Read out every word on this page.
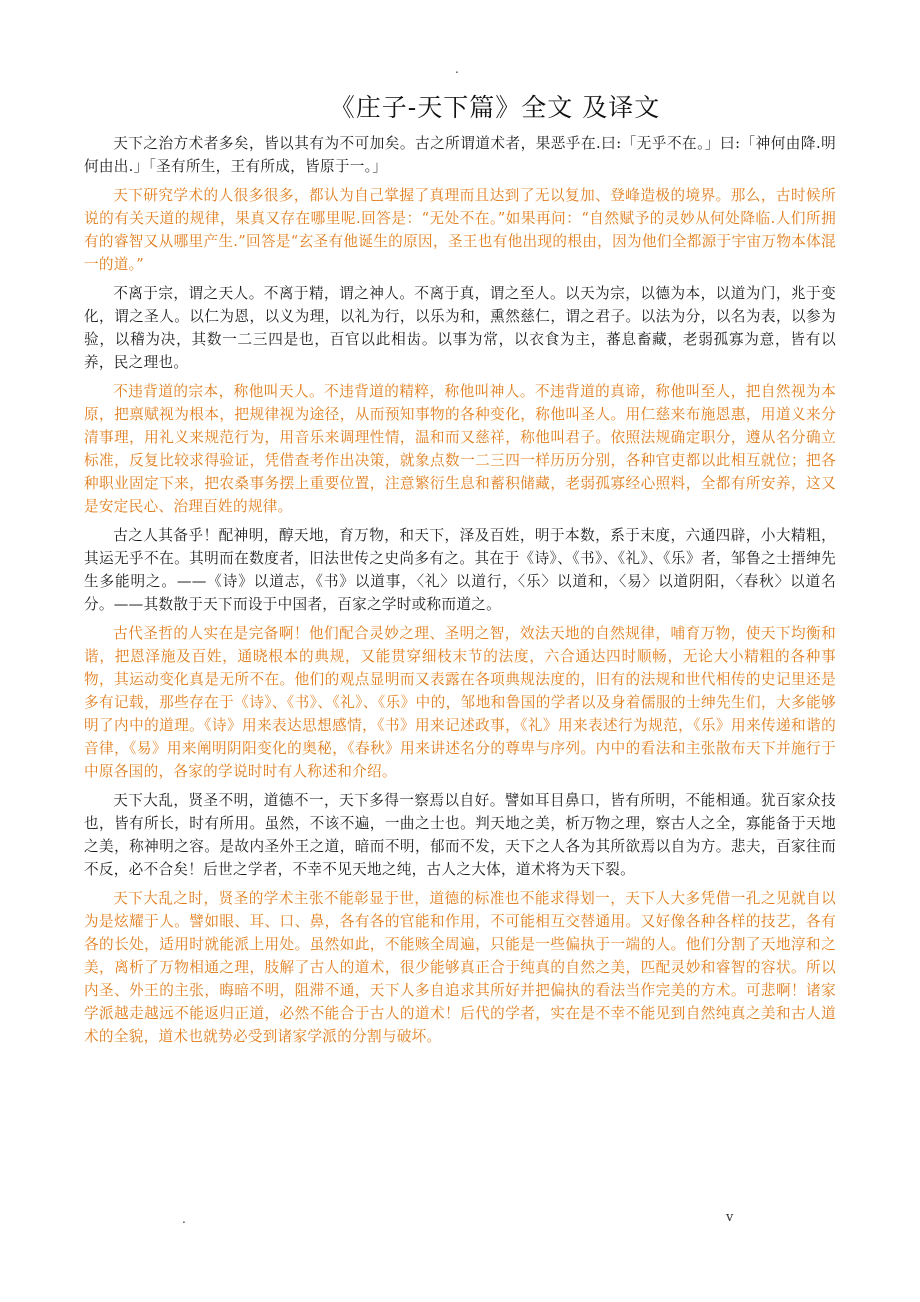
.
《庄子-天下篇》全文 及译文

天下之治方术者多矣，皆以其有为不可加矣。古之所谓道术者，果恶乎在.曰:「无乎不在。」曰:「神何由降.明何由出.」「圣有所生，王有所成，皆原于一。」

天下研究学术的人很多很多，都认为自己掌握了真理而且达到了无以复加、登峰造极的境界。那么，古时候所说的有关天道的规律，果真又存在哪里呢.回答是：“无处不在。”如果再问：“自然赋予的灵妙从何处降临.人们所拥有的睿智又从哪里产生.”回答是“玄圣有他诞生的原因，圣王也有他出现的根由，因为他们全都源于宇宙万物本体混一的道。”

不离于宗，谓之天人。不离于精，谓之神人。不离于真，谓之至人。以天为宗，以德为本，以道为门，兆于变化，谓之圣人。以仁为恩，以义为理，以礼为行，以乐为和，熏然慈仁，谓之君子。以法为分，以名为表，以参为验，以稽为决，其数一二三四是也，百官以此相齿。以事为常，以衣食为主，蕃息畜藏，老弱孤寡为意，皆有以养，民之理也。

不违背道的宗本，称他叫天人。不违背道的精粹，称他叫神人。不违背道的真谛，称他叫至人，把自然视为本原，把禀赋视为根本，把规律视为途径，从而预知事物的各种变化，称他叫圣人。用仁慈来布施恩惠，用道义来分清事理，用礼义来规范行为，用音乐来调理性情，温和而又慈祥，称他叫君子。依照法规确定职分，遵从名分确立标准，反复比较求得验证，凭借查考作出决策，就象点数一二三四一样历历分别，各种官吏都以此相互就位；把各种职业固定下来，把农桑事务摆上重要位置，注意繁衍生息和蓄积储藏，老弱孤寡经心照料，全都有所安养，这又是安定民心、治理百姓的规律。

古之人其备乎！配神明，醇天地，育万物，和天下，泽及百姓，明于本数，系于末度，六通四辟，小大精粗，其运无乎不在。其明而在数度者，旧法世传之史尚多有之。其在于《诗》、《书》、《礼》、《乐》者，邹鲁之士搢绅先生多能明之。——《诗》以道志，《书》以道事，〈礼〉以道行，〈乐〉以道和，〈易〉以道阴阳，〈春秋〉以道名分。——其数散于天下而设于中国者，百家之学时或称而道之。

古代圣哲的人实在是完备啊！他们配合灵妙之理、圣明之智，效法天地的自然规律，哺育万物，使天下均衡和谐，把恩泽施及百姓，通晓根本的典规，又能贯穿细枝末节的法度，六合通达四时顺畅，无论大小精粗的各种事物，其运动变化真是无所不在。他们的观点显明而又表露在各项典规法度的，旧有的法规和世代相传的史记里还是多有记载，那些存在于《诗》、《书》、《礼》、《乐》中的，邹地和鲁国的学者以及身着儒服的士绅先生们，大多能够明了内中的道理。《诗》用来表达思想感情，《书》用来记述政事，《礼》用来表述行为规范，《乐》用来传递和谐的音律，《易》用来阐明阴阳变化的奥秘，《春秋》用来讲述名分的尊卑与序列。内中的看法和主张散布天下并施行于中原各国的，各家的学说时时有人称述和介绍。

天下大乱，贤圣不明，道德不一，天下多得一察焉以自好。譬如耳目鼻口，皆有所明，不能相通。犹百家众技也，皆有所长，时有所用。虽然，不该不遍，一曲之士也。判天地之美，析万物之理，察古人之全，寡能备于天地之美，称神明之容。是故内圣外王之道，暗而不明，郁而不发，天下之人各为其所欲焉以自为方。悲夫，百家往而不反，必不合矣！后世之学者，不幸不见天地之纯，古人之大体，道术将为天下裂。

天下大乱之时，贤圣的学术主张不能彰显于世，道德的标准也不能求得划一，天下人大多凭借一孔之见就自以为是炫耀于人。譬如眼、耳、口、鼻，各有各的官能和作用，不可能相互交替通用。又好像各种各样的技艺，各有各的长处，适用时就能派上用处。虽然如此，不能赅全周遍，只能是一些偏执于一端的人。他们分割了天地淳和之美，离析了万物相通之理，肢解了古人的道术，很少能够真正合于纯真的自然之美，匹配灵妙和睿智的容状。所以内圣、外王的主张，晦暗不明，阻滞不通，天下人多自追求其所好并把偏执的看法当作完美的方术。可悲啊！诸家学派越走越远不能返归正道，必然不能合于古人的道术！后代的学者，实在是不幸不能见到自然纯真之美和古人道术的全貌，道术也就势必受到诸家学派的分割与破坏。

.	v
